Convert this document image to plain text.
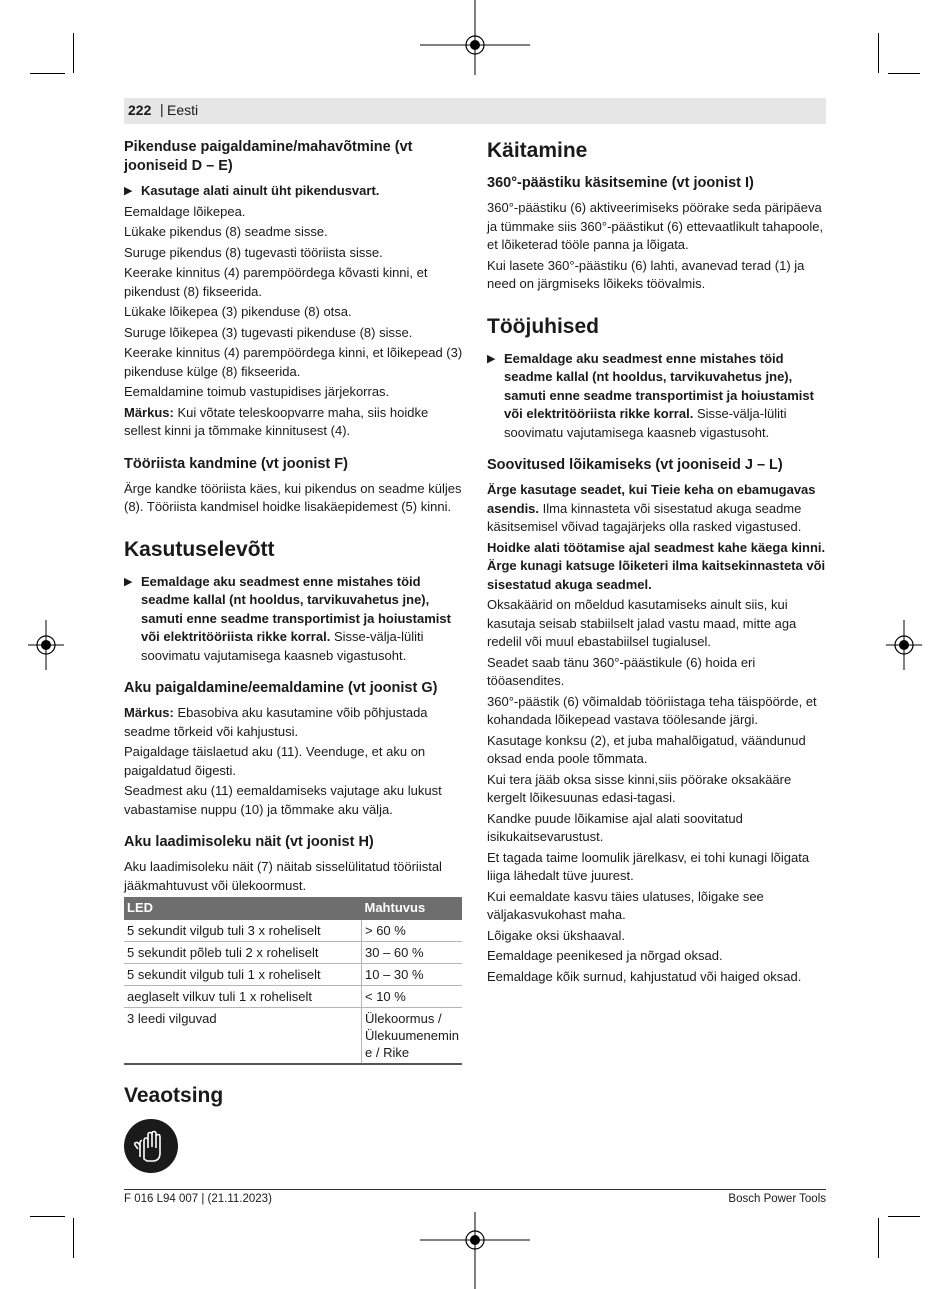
222 | Eesti
Pikenduse paigaldamine/mahavõtmine (vt jooniseid D – E)
▶ Kasutage alati ainult üht pikendusvart.

Eemaldage lõikepea.

Lükake pikendus (8) seadme sisse.

Suruge pikendus (8) tugevasti tööriista sisse.

Keerake kinnitus (4) parempöördega kõvasti kinni, et pikendust (8) fikseerida.

Lükake lõikepea (3) pikenduse (8) otsa.

Suruge lõikepea (3) tugevasti pikenduse (8) sisse.

Keerake kinnitus (4) parempöördega kinni, et lõikepead (3) pikenduse külge (8) fikseerida.

Eemaldamine toimub vastupidises järjekorras.

Märkus: Kui võtate teleskoopvarre maha, siis hoidke sellest kinni ja tõmmake kinnitusest (4).

Tööriista kandmine (vt joonist F)

Ärge kandke tööriista käes, kui pikendus on seadme küljes (8). Tööriista kandmisel hoidke lisakäepidemest (5) kinni.

Kasutuselevõtt
▶ Eemaldage aku seadmest enne mistahes töid seadme kallal (nt hooldus, tarvikuvahetus jne), samuti enne seadme transportimist ja hoiustamist või elektritööriista rikke korral. Sisse-välja-lüliti soovimatu vajutamisega kaasneb vigastusoht.
Aku paigaldamine/eemaldamine (vt joonist G)

Märkus: Ebasobiva aku kasutamine võib põhjustada seadme tõrkeid või kahjustusi.

Paigaldage täislaetud aku (11). Veenduge, et aku on paigaldatud õigesti.

Seadmest aku (11) eemaldamiseks vajutage aku lukust vabastamise nuppu (10) ja tõmmake aku välja.

Aku laadimisoleku näit (vt joonist H)

Aku laadimisoleku näit (7) näitab sisselülitatud tööriistal jääkmahtuvust või ülekoormust.

LED	Mahtuvus
5 sekundit vilgub tuli 3 x roheliselt	> 60 %
5 sekundit põleb tuli 2 x roheliselt	30 – 60 %
5 sekundit vilgub tuli 1 x roheliselt	10 – 30 %
aeglaselt vilkuv tuli 1 x roheliselt	< 10 %
3 leedi vilguvad	Ülekoormus / Ülekuumenemin e / Rike
Veaotsing
Käitamine
360°-päästiku käsitsemine (vt joonist I)

360°-päästiku (6) aktiveerimiseks pöörake seda päripäeva ja tümmake siis 360°-päästikut (6) ettevaatlikult tahapoole, et lõiketerad tööle panna ja lõigata.

Kui lasete 360°-päästiku (6) lahti, avanevad terad (1) ja need on järgmiseks lõikeks töövalmis.

Tööjuhised
▶ Eemaldage aku seadmest enne mistahes töid seadme kallal (nt hooldus, tarvikuvahetus jne), samuti enne seadme transportimist ja hoiustamist või elektritööriista rikke korral. Sisse-välja-lüliti soovimatu vajutamisega kaasneb vigastusoht.
Soovitused lõikamiseks (vt jooniseid J – L)

Ärge kasutage seadet, kui Tieie keha on ebamugavas asendis. Ilma kinnasteta või sisestatud akuga seadme käsitsemisel võivad tagajärjeks olla rasked vigastused.

Hoidke alati töötamise ajal seadmest kahe käega kinni. Ärge kunagi katsuge lõiketeri ilma kaitsekinnasteta või sisestatud akuga seadmel.

Oksakäärid on mõeldud kasutamiseks ainult siis, kui kasutaja seisab stabiilselt jalad vastu maad, mitte aga redelil või muul ebastabiilsel tugialusel.

Seadet saab tänu 360°-päästikule (6) hoida eri tööasendites.

360°-päästik (6) võimaldab tööriistaga teha täispöörde, et kohandada lõikepead vastava töölesande järgi.

Kasutage konksu (2), et juba mahalõigatud, väändunud oksad enda poole tõmmata.

Kui tera jääb oksa sisse kinni,siis pöörake oksakääre kergelt lõikesuunas edasi-tagasi.

Kandke puude lõikamise ajal alati soovitatud isikukaitsevarustust.

Et tagada taime loomulik järelkasv, ei tohi kunagi lõigata liiga lähedalt tüve juurest.

Kui eemaldate kasvu täies ulatuses, lõigake see väljakasvukohast maha.

Lõigake oksi ükshaaval.

Eemaldage peenikesed ja nõrgad oksad.

Eemaldage kõik surnud, kahjustatud või haiged oksad.

F 016 L94 007 | (21.11.2023)	Bosch Power Tools
